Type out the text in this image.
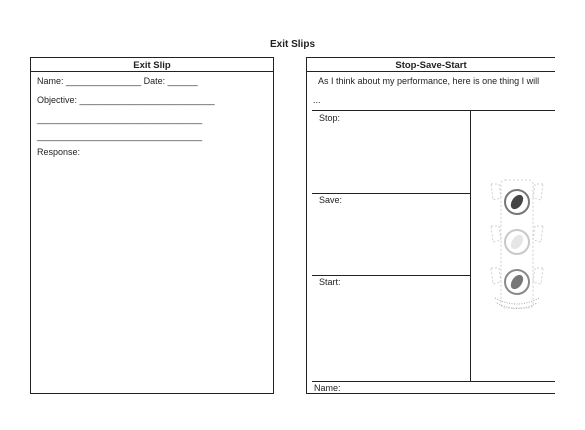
Exit Slips
Exit Slip
Name: _______________ Date: ______
Objective: ___________________________
_________________________________
_________________________________
Response:
Stop-Save-Start
As I think about my performance, here is one thing I will
...
Stop:
Save:
Start:
Name:
